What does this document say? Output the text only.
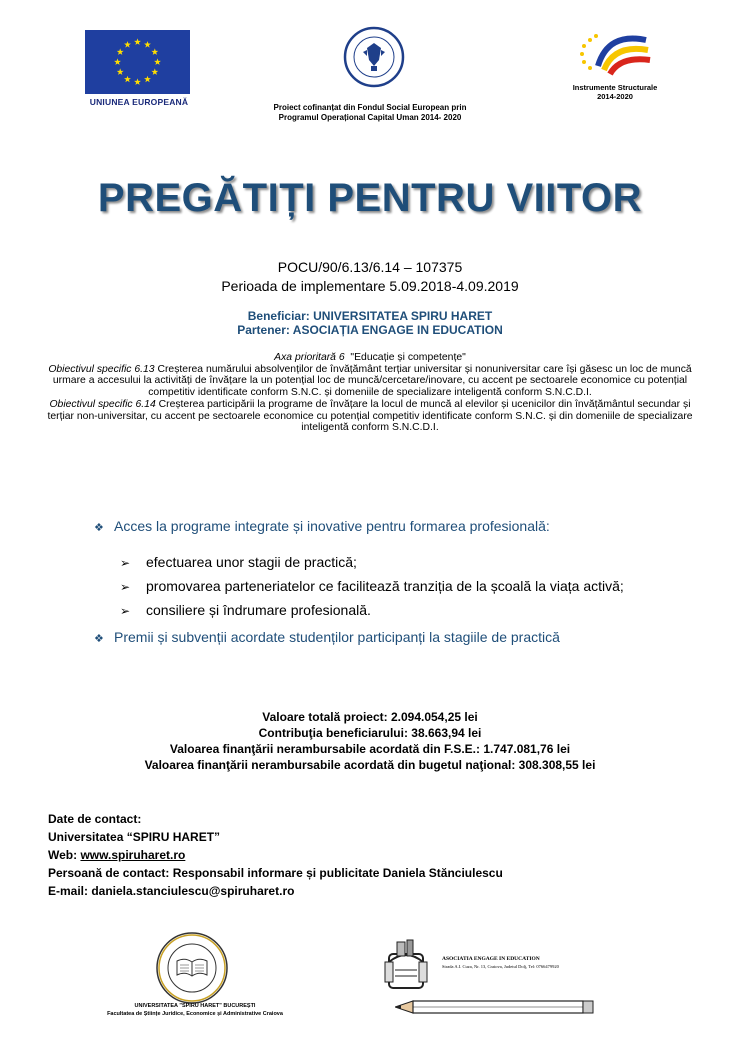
UNIUNEA EUROPEANĂ
Instrumente Structurale
2014-2020
Proiect cofinanțat din Fondul Social European prin
Programul Operațional Capital Uman 2014- 2020
PREGĂTIȚI PENTRU VIITOR
POCU/90/6.13/6.14 – 107375
Perioada de implementare 5.09.2018-4.09.2019
Beneficiar: UNIVERSITATEA SPIRU HARET
Partener: ASOCIAȚIA ENGAGE IN EDUCATION
Axa prioritară 6 "Educație și competențe"
Obiectivul specific 6.13 Creșterea numărului absolvenților de învățământ terțiar universitar și nonuniversitar care își găsesc un loc de muncă urmare a accesului la activități de învățare la un potențial loc de muncă/cercetare/inovare, cu accent pe sectoarele economice cu potențial competitiv identificate conform S.N.C. și domeniile de specializare inteligentă conform S.N.C.D.I.
Obiectivul specific 6.14 Creșterea participării la programe de învățare la locul de muncă al elevilor și ucenicilor din învățământul secundar și terțiar non-universitar, cu accent pe sectoarele economice cu potențial competitiv identificate conform S.N.C. și din domeniile de specializare inteligentă conform S.N.C.D.I.
❖ Acces la programe integrate și inovative pentru formarea profesională:
➢ efectuarea unor stagii de practică;
➢ promovarea parteneriatelor ce facilitează tranziția de la școală la viața activă;
➢ consiliere și îndrumare profesională.
❖ Premii și subvenții acordate studenților participanți la stagiile de practică
Valoare totală proiect: 2.094.054,25 lei
Contribuţia beneficiarului: 38.663,94 lei
Valoarea finanţării nerambursabile acordată din F.S.E.: 1.747.081,76 lei
Valoarea finanţării nerambursabile acordată din bugetul naţional: 308.308,55 lei
Date de contact:
Universitatea “SPIRU HARET”
Web: www.spiruharet.ro
Persoană de contact: Responsabil informare și publicitate Daniela Stănciulescu
E-mail: daniela.stanciulescu@spiruharet.ro
UNIVERSITATEA "SPIRU HARET" BUCUREȘTI
Facultatea de Științe Juridice, Economice și Administrative Craiova
ASOCIATIA ENGAGE IN EDUCATION
Strada A.I. Cuza, Nr. 13, Craiova, Judetul Dolj, Tel: 0766479920
